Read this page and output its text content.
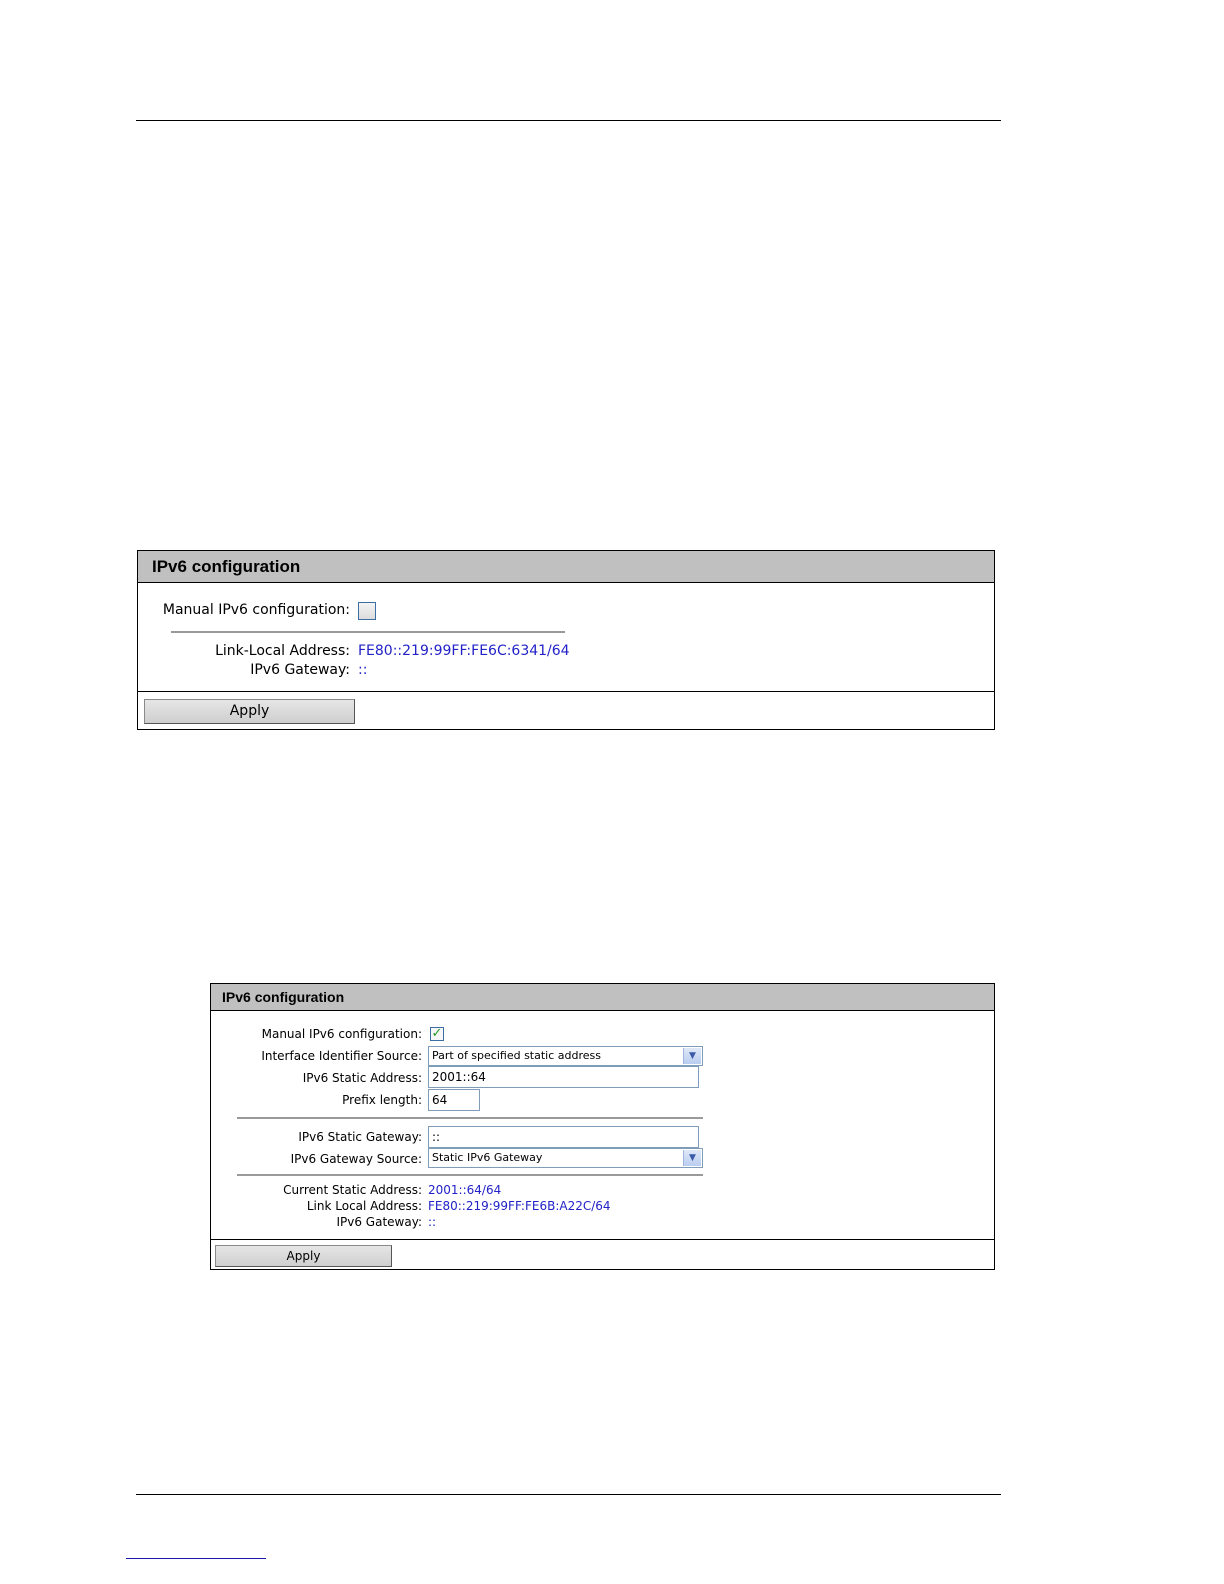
IPv6 configuration
Manual IPv6 configuration:
Link-Local Address: FE80::219:99FF:FE6C:6341/64
IPv6 Gateway: ::
Apply
IPv6 configuration
Manual IPv6 configuration: ✓
Interface Identifier Source: Part of specified static address	▼
IPv6 Static Address: 2001::64
Prefix length: 64
IPv6 Static Gateway: ::
IPv6 Gateway Source: Static IPv6 Gateway	▼
Current Static Address: 2001::64/64
Link Local Address: FE80::219:99FF:FE6B:A22C/64
IPv6 Gateway: ::
Apply
